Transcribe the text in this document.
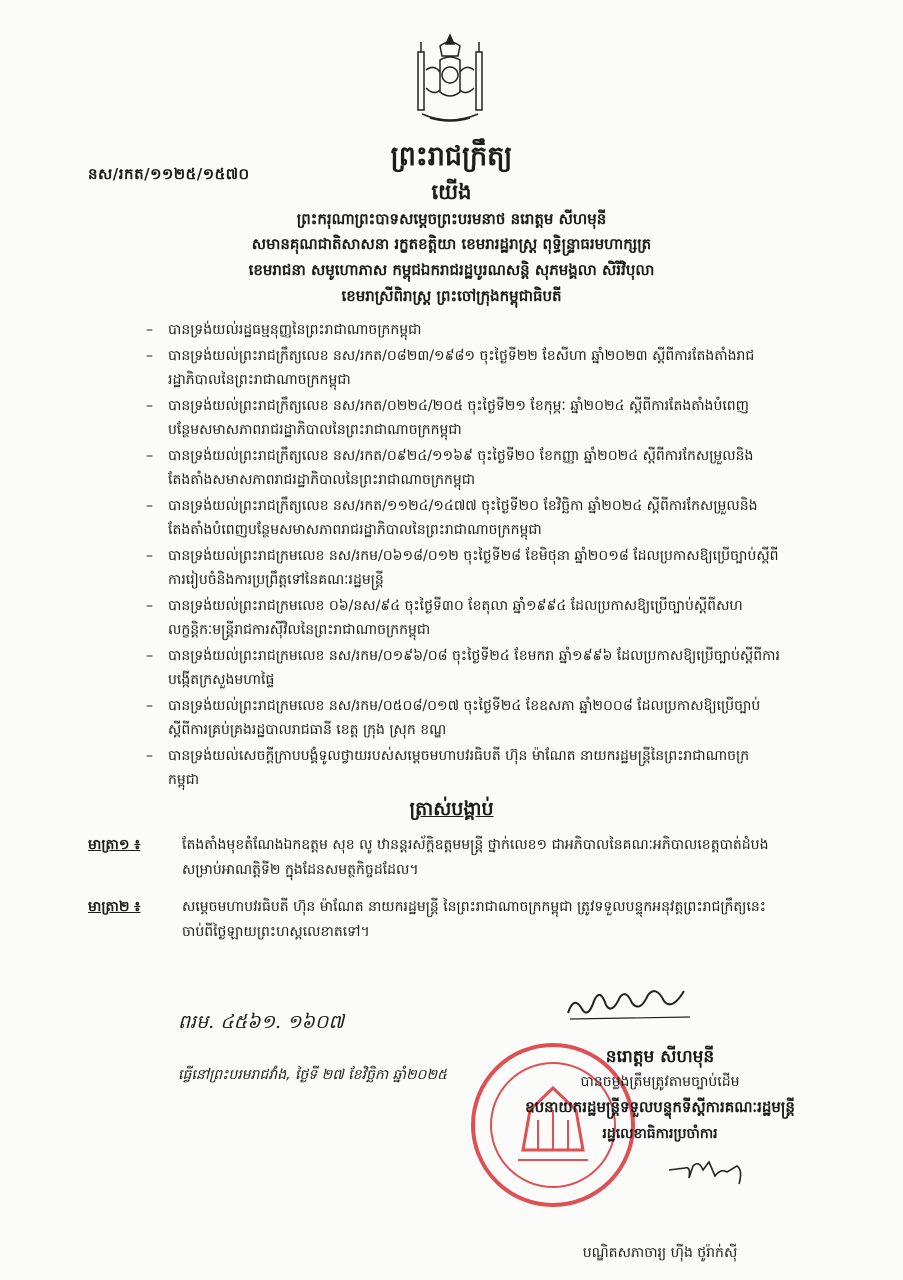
នស/រកត/១១២៥/១៥៧០
ព្រះរាជក្រឹត្យ
យើង
ព្រះករុណាព្រះបាទសម្តេចព្រះបរមនាថ នរោត្តម សីហមុនី
សមានគុណជាតិសាសនា រក្ខតខត្តិយា ខេមរារដ្ឋរាស្ត្រ ពុទ្ធិន្ទ្រាធរមហាក្សត្រ
ខេមរាជនា សមូហោភាស កម្ពុជឯករាជរដ្ឋបូរណសន្តិ សុភមង្គលា សិរីវិបុលា
ខេមរាស្រីពិរាស្ត្រ ព្រះចៅក្រុងកម្ពុជាធិបតី
– បានទ្រង់យល់រដ្ឋធម្មនុញ្ញនៃព្រះរាជាណាចក្រកម្ពុជា
– បានទ្រង់យល់ព្រះរាជក្រឹត្យលេខ នស/រកត/០៨២៣/១៩៨១ ចុះថ្ងៃទី២២ ខែសីហា ឆ្នាំ២០២៣ ស្តីពីការតែងតាំងរាជរដ្ឋាភិបាលនៃព្រះរាជាណាចក្រកម្ពុជា
– បានទ្រង់យល់ព្រះរាជក្រឹត្យលេខ នស/រកត/០២២៤/២០៥ ចុះថ្ងៃទី២១ ខែកុម្ភៈ ឆ្នាំ២០២៤ ស្តីពីការតែងតាំងបំពេញបន្ថែមសមាសភាពរាជរដ្ឋាភិបាលនៃព្រះរាជាណាចក្រកម្ពុជា
– បានទ្រង់យល់ព្រះរាជក្រឹត្យលេខ នស/រកត/០៩២៤/១១៦៩ ចុះថ្ងៃទី២០ ខែកញ្ញា ឆ្នាំ២០២៤ ស្តីពីការកែសម្រួលនិងតែងតាំងសមាសភាពរាជរដ្ឋាភិបាលនៃព្រះរាជាណាចក្រកម្ពុជា
– បានទ្រង់យល់ព្រះរាជក្រឹត្យលេខ នស/រកត/១១២៤/១៤៧៧ ចុះថ្ងៃទី២០ ខែវិច្ឆិកា ឆ្នាំ២០២៤ ស្តីពីការកែសម្រួលនិងតែងតាំងបំពេញបន្ថែមសមាសភាពរាជរដ្ឋាភិបាលនៃព្រះរាជាណាចក្រកម្ពុជា
– បានទ្រង់យល់ព្រះរាជក្រមលេខ នស/រកម/០៦១៨/០១២ ចុះថ្ងៃទី២៨ ខែមិថុនា ឆ្នាំ២០១៨ ដែលប្រកាសឱ្យប្រើច្បាប់ស្តីពីការរៀបចំនិងការប្រព្រឹត្តទៅនៃគណៈរដ្ឋមន្ត្រី
– បានទ្រង់យល់ព្រះរាជក្រមលេខ ០៦/នស/៩៤ ចុះថ្ងៃទី៣០ ខែតុលា ឆ្នាំ១៩៩៤ ដែលប្រកាសឱ្យប្រើច្បាប់ស្តីពីសហលក្ខន្តិកៈមន្ត្រីរាជការស៊ីវិលនៃព្រះរាជាណាចក្រកម្ពុជា
– បានទ្រង់យល់ព្រះរាជក្រមលេខ នស/រកម/០១៩៦/០៨ ចុះថ្ងៃទី២៤ ខែមករា ឆ្នាំ១៩៩៦ ដែលប្រកាសឱ្យប្រើច្បាប់ស្តីពីការបង្កើតក្រសួងមហាផ្ទៃ
– បានទ្រង់យល់ព្រះរាជក្រមលេខ នស/រកម/០៥០៨/០១៧ ចុះថ្ងៃទី២៤ ខែឧសភា ឆ្នាំ២០០៨ ដែលប្រកាសឱ្យប្រើច្បាប់ស្តីពីការគ្រប់គ្រងរដ្ឋបាលរាជធានី ខេត្ត ក្រុង ស្រុក ខណ្ឌ
– បានទ្រង់យល់សេចក្តីក្រាបបង្គំទូលថ្វាយរបស់សម្តេចមហាបវរធិបតី ហ៊ុន ម៉ាណែត នាយករដ្ឋមន្ត្រីនៃព្រះរាជាណាចក្រកម្ពុជា
ត្រាស់បង្គាប់
មាត្រា១ ៖	តែងតាំងមុខតំណែងឯកឧត្តម សុខ លូ ឋានន្តរស័ក្តិឧត្តមមន្ត្រី ថ្នាក់លេខ១ ជាអភិបាលនៃគណៈអភិបាលខេត្តបាត់ដំបង សម្រាប់អាណត្តិទី២ ក្នុងដែនសមត្ថកិច្ចដដែល។
មាត្រា២ ៖	សម្តេចមហាបវរធិបតី ហ៊ុន ម៉ាណែត នាយករដ្ឋមន្ត្រី នៃព្រះរាជាណាចក្រកម្ពុជា ត្រូវទទួលបន្ទុកអនុវត្តព្រះរាជក្រឹត្យនេះ ចាប់ពីថ្ងៃឡាយព្រះហស្តលេខាតទៅ។
ពរម. ៤៥៦១. ១៦០៧
ធ្វើនៅព្រះបរមរាជវាំង, ថ្ងៃទី ២៧ ខែវិច្ឆិកា ឆ្នាំ២០២៥
នរោត្តម សីហមុនី
បានចម្លងត្រឹមត្រូវតាមច្បាប់ដើម
ឧបនាយករដ្ឋមន្ត្រីទទួលបន្ទុកទីស្តីការគណៈរដ្ឋមន្ត្រី
រដ្ឋលេខាធិការប្រចាំការ
បណ្ឌិតសភាចារ្យ ហ៊ីង ថូរ៉ាក់ស៊ី
